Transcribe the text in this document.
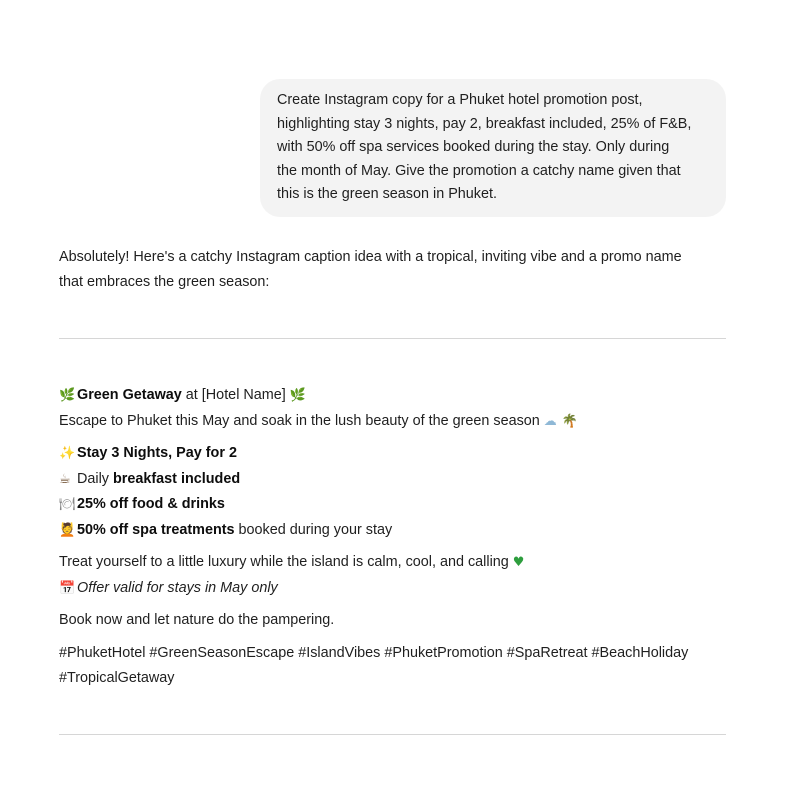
Create Instagram copy for a Phuket hotel promotion post,
highlighting stay 3 nights, pay 2, breakfast included, 25% of F&B,
with 50% off spa services booked during the stay. Only during
the month of May. Give the promotion a catchy name given that
this is the green season in Phuket.
Absolutely! Here's a catchy Instagram caption idea with a tropical, inviting vibe and a promo name
that embraces the green season:
🌿 Green Getaway at [Hotel Name] 🌿
Escape to Phuket this May and soak in the lush beauty of the green season ☁ 🌴
✨ Stay 3 Nights, Pay for 2
☕ Daily breakfast included
🍽25% off food & drinks
💆 50% off spa treatments booked during your stay
Treat yourself to a little luxury while the island is calm, cool, and calling ♥
📅 Offer valid for stays in May only
Book now and let nature do the pampering.
#PhuketHotel #GreenSeasonEscape #IslandVibes #PhuketPromotion #SpaRetreat #BeachHoliday
#TropicalGetaway
